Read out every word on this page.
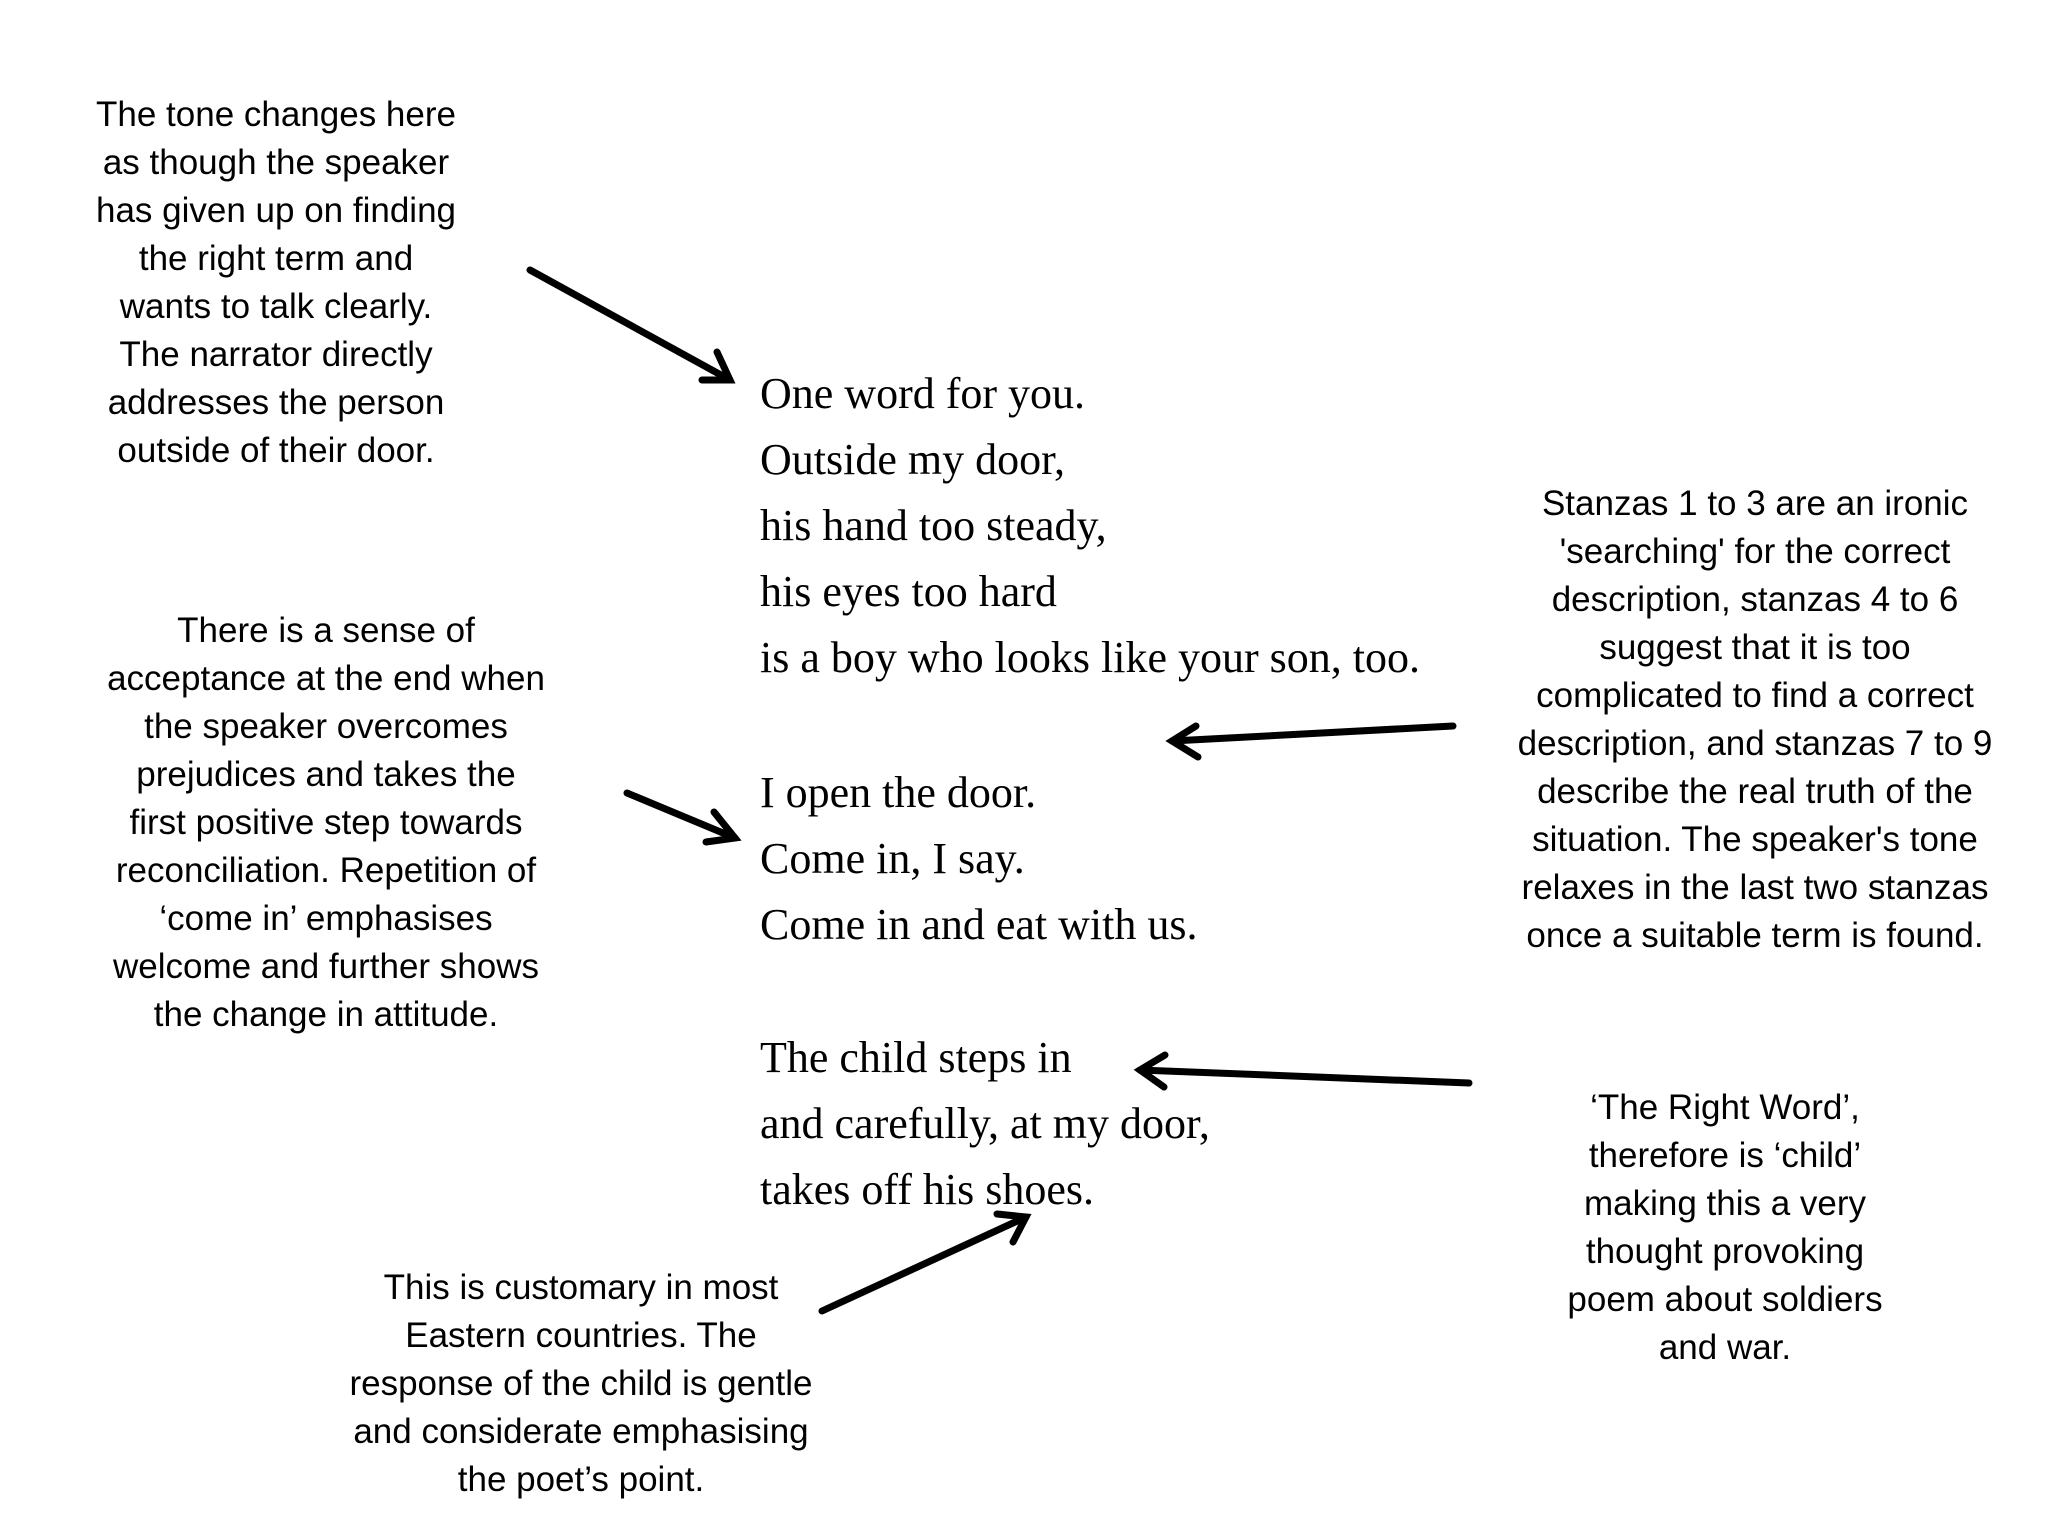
The tone changes here
as though the speaker
has given up on finding
the right term and
wants to talk clearly.
The narrator directly
addresses the person
outside of their door.
There is a sense of
acceptance at the end when
the speaker overcomes
prejudices and takes the
first positive step towards
reconciliation. Repetition of
‘come in’ emphasises
welcome and further shows
the change in attitude.
This is customary in most
Eastern countries. The
response of the child is gentle
and considerate emphasising
the poet’s point.
Stanzas 1 to 3 are an ironic
'searching' for the correct
description, stanzas 4 to 6
suggest that it is too
complicated to find a correct
description, and stanzas 7 to 9
describe the real truth of the
situation. The speaker's tone
relaxes in the last two stanzas
once a suitable term is found.
‘The Right Word’,
therefore is ‘child’
making this a very
thought provoking
poem about soldiers
and war.
One word for you.
Outside my door,
his hand too steady,
his eyes too hard
is a boy who looks like your son, too.
I open the door.
Come in, I say.
Come in and eat with us.
The child steps in
and carefully, at my door,
takes off his shoes.
